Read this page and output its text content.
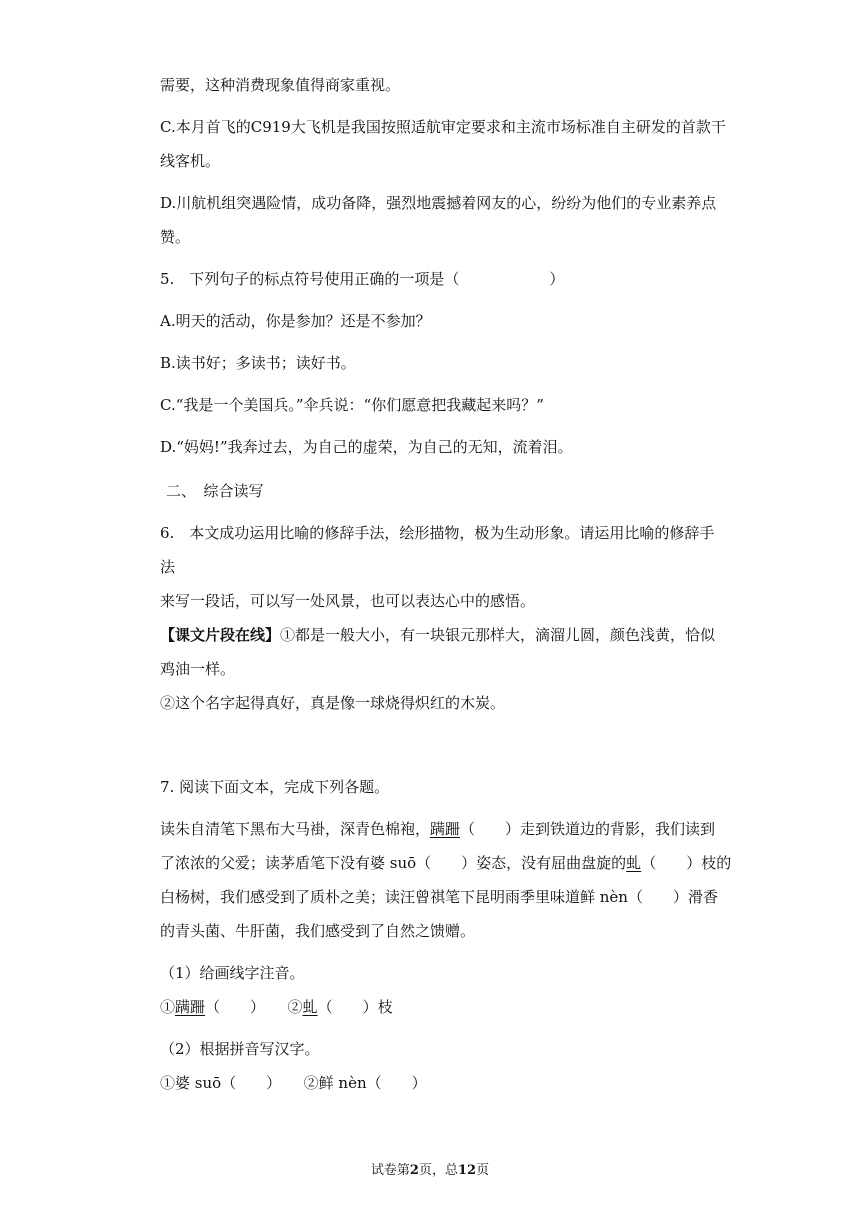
需要，这种消费现象值得商家重视。
C.本月首飞的C919大飞机是我国按照适航审定要求和主流市场标准自主研发的首款干
线客机。
D.川航机组突遇险情，成功备降，强烈地震撼着网友的心，纷纷为他们的专业素养点
赞。
5.　下列句子的标点符号使用正确的一项是（　　　　　　）
A.明天的活动，你是参加？还是不参加？
B.读书好；多读书；读好书。
C.“我是一个美国兵。”伞兵说：“你们愿意把我藏起来吗？”
D.“妈妈!”我奔过去，为自己的虚荣，为自己的无知，流着泪。
二、　综合读写
6.　本文成功运用比喻的修辞手法，绘形描物，极为生动形象。请运用比喻的修辞手
法
来写一段话，可以写一处风景，也可以表达心中的感悟。
【课文片段在线】①都是一般大小，有一块银元那样大，滴溜儿圆，颜色浅黄，恰似
鸡油一样。
②这个名字起得真好，真是像一球烧得炽红的木炭。
7. 阅读下面文本，完成下列各题。
读朱自清笔下黑布大马褂，深青色棉袍，蹒跚（　　）走到铁道边的背影，我们读到
了浓浓的父爱；读茅盾笔下没有婆 suō（　　）姿态，没有屈曲盘旋的虬（　　）枝的
白杨树，我们感受到了质朴之美；读汪曾祺笔下昆明雨季里味道鲜 nèn（　　）滑香
的青头菌、牛肝菌，我们感受到了自然之馈赠。
（1）给画线字注音。
①蹒跚（　　）　　②虬（　　）枝
（2）根据拼音写汉字。
①婆 suō（　　）　　②鲜 nèn（　　）
试卷第2页，总12页
